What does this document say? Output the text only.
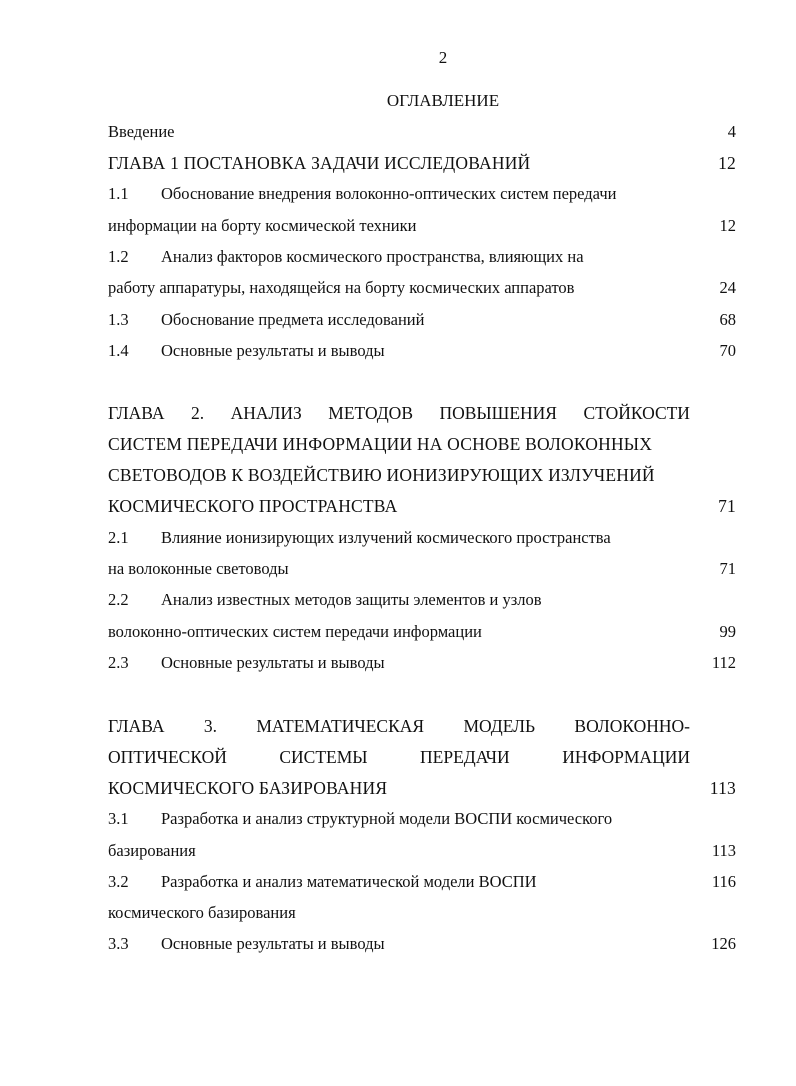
2
ОГЛАВЛЕНИЕ
Введение	4
ГЛАВА 1 ПОСТАНОВКА ЗАДАЧИ ИССЛЕДОВАНИЙ	12
1.1 Обоснование внедрения волоконно-оптических систем передачи
информации на борту космической техники	12
1.2 Анализ факторов космического пространства, влияющих на
работу аппаратуры, находящейся на борту космических аппаратов	24
1.3 Обоснование предмета исследований	68
1.4 Основные результаты и выводы	70
ГЛАВА 2. АНАЛИЗ МЕТОДОВ ПОВЫШЕНИЯ СТОЙКОСТИ
СИСТЕМ ПЕРЕДАЧИ ИНФОРМАЦИИ НА ОСНОВЕ ВОЛОКОННЫХ
СВЕТОВОДОВ К ВОЗДЕЙСТВИЮ ИОНИЗИРУЮЩИХ ИЗЛУЧЕНИЙ
КОСМИЧЕСКОГО ПРОСТРАНСТВА	71
2.1 Влияние ионизирующих излучений космического пространства
на волоконные световоды	71
2.2 Анализ известных методов защиты элементов и узлов
волоконно-оптических систем передачи информации	99
2.3 Основные результаты и выводы	112
ГЛАВА 3. МАТЕМАТИЧЕСКАЯ МОДЕЛЬ ВОЛОКОННО-
ОПТИЧЕСКОЙ	СИСТЕМЫ	ПЕРЕДАЧИ	ИНФОРМАЦИИ
КОСМИЧЕСКОГО БАЗИРОВАНИЯ	113
3.1 Разработка и анализ структурной модели ВОСПИ космического
базирования	113
3.2 Разработка и анализ математической модели ВОСПИ	116
космического базирования
3.3 Основные результаты и выводы	126
